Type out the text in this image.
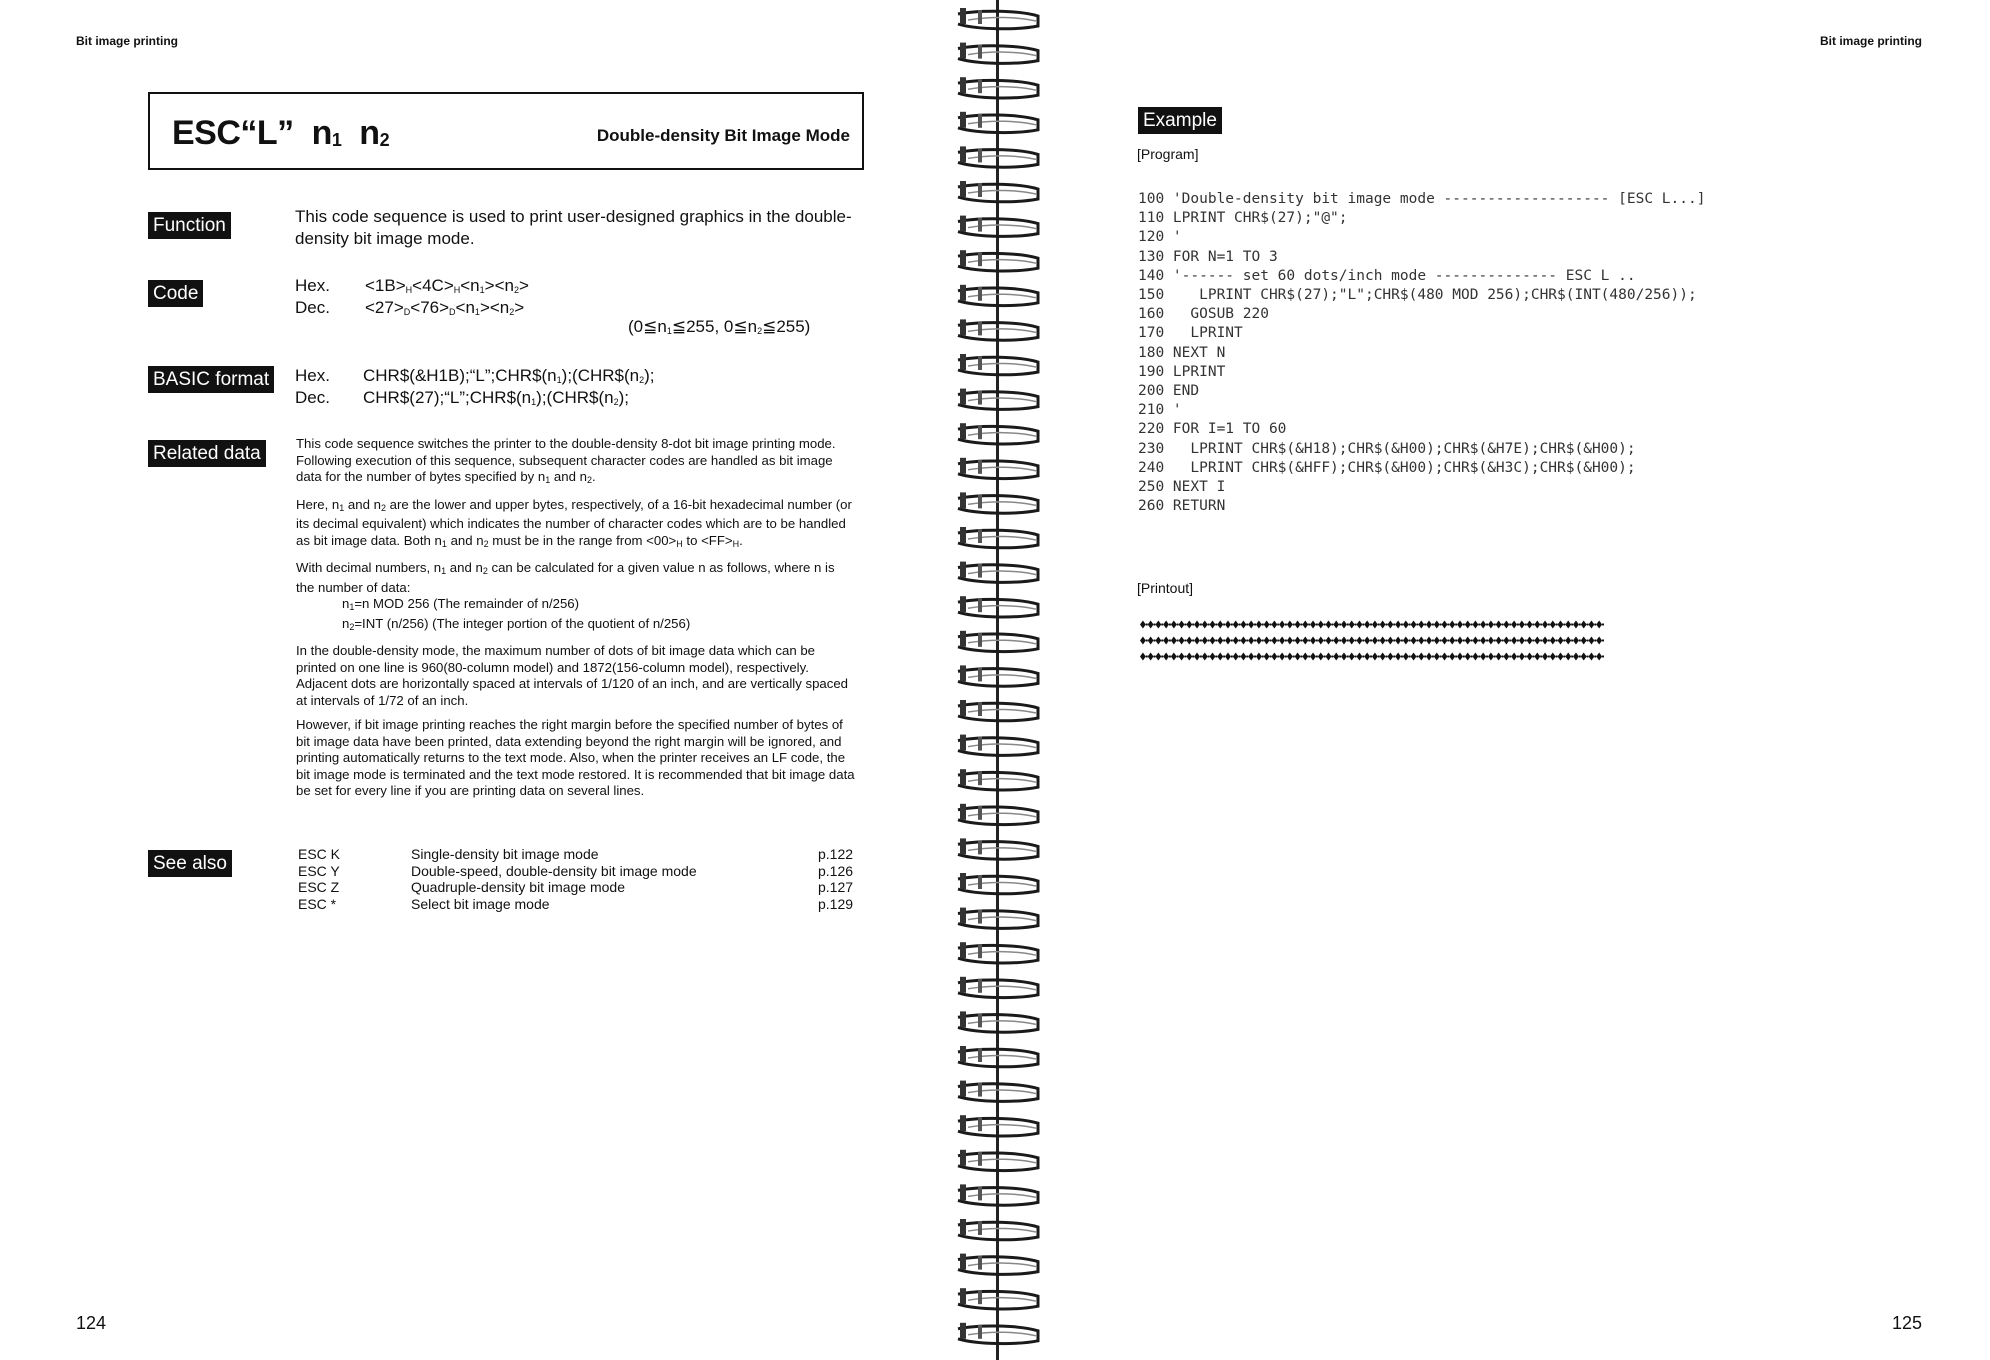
Bit image printing
ESC“L” $n_1$ $n_2$	Double-density Bit Image Mode
Function	This code sequence is used to print user-designed graphics in the double-density bit image mode.
Code	Hex. $<1B>_H<4C>_H<n_1><n_2>$
Dec. $<27>_D<76>_D<n_1><n_2>$
($0≦n_1≦255$, $0≦n_2≦255$)
BASIC format Hex. $CHR\$(\&H1B);“L”;CHR\$(n_1);(CHR\$(n_2)$;
Dec. $CHR\$(27);“L”;CHR\$(n_1);(CHR\$(n_2)$;
Related data	This code sequence switches the printer to the double-density 8-dot bit image printing mode. Following execution of this sequence, subsequent character codes are handled as bit image data for the number of bytes specified by $n_1$ and $n_2$.

Here, $n_1$ and $n_2$ are the lower and upper bytes, respectively, of a 16-bit hexadecimal number (or its decimal equivalent) which indicates the number of character codes which are to be handled as bit image data. Both $n_1$ and $n_2$ must be in the range from $<00>_H$ to $<FF>_H$.

With decimal numbers, $n_1$ and $n_2$ can be calculated for a given value n as follows, where n is the number of data:

$n_1=n$ MOD 256 (The remainder of n/256)
$n_2=INT$ (n/256) (The integer portion of the quotient of n/256)

In the double-density mode, the maximum number of dots of bit image data which can be printed on one line is 960(80-column model) and 1872(156-column model), respectively. Adjacent dots are horizontally spaced at intervals of 1/120 of an inch, and are vertically spaced at intervals of 1/72 of an inch.

However, if bit image printing reaches the right margin before the specified number of bytes of bit image data have been printed, data extending beyond the right margin will be ignored, and printing automatically returns to the text mode. Also, when the printer receives an LF code, the bit image mode is terminated and the text mode restored. It is recommended that bit image data be set for every line if you are printing data on several lines.

See also	ESC K	Single-density bit image mode	p.122
ESC Y	Double-speed, double-density bit image mode	p.126
ESC Z	Quadruple-density bit image mode	p.127
ESC *	Select bit image mode	p.129
124
Bit image printing
125
Example
[Program]
100 'Double-density bit image mode ------------------- [ESC L...]
110 LPRINT CHR$(27);"@";
120 '
130 FOR N=1 TO 3
140 '------ set 60 dots/inch mode -------------- ESC L ..
150    LPRINT CHR$(27);"L";CHR$(480 MOD 256);CHR$(INT(480/256));
160   GOSUB 220
170   LPRINT
180 NEXT N
190 LPRINT
200 END
210 '
220 FOR I=1 TO 60
230   LPRINT CHR$(&H18);CHR$(&H00);CHR$(&H7E);CHR$(&H00);
240   LPRINT CHR$(&HFF);CHR$(&H00);CHR$(&H3C);CHR$(&H00);
250 NEXT I
260 RETURN
[Printout]
